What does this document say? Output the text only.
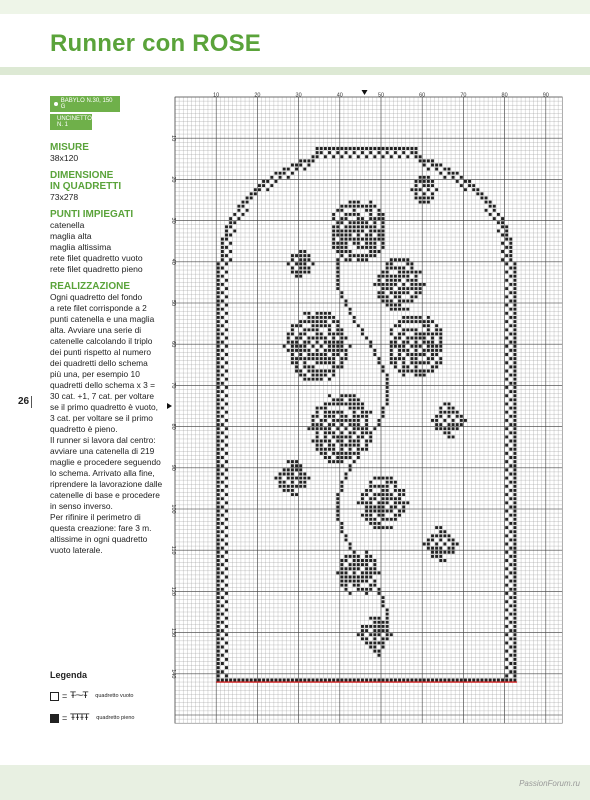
Runner con ROSE
BABYLO N.30, 150 G
UNCINETTO N. 1
MISURE
38x120
DIMENSIONE
IN QUADRETTI
73x278
PUNTI IMPIEGATI
catenella
maglia alta
maglia altissima
rete filet quadretto vuoto
rete filet quadretto pieno
REALIZZAZIONE
Ogni quadretto del fondo
a rete filet corrisponde a 2
punti catenella e una maglia
alta. Avviare una serie di
catenelle calcolando il triplo
dei punti rispetto al numero
dei quadretti dello schema
più una, per esempio 10
quadretti dello schema x 3 =
30 cat. +1, 7 cat. per voltare
se il primo quadretto è vuoto,
3 cat. per voltare se il primo
quadretto è pieno.
Il runner si lavora dal centro:
avviare una catenella di 219
maglie e procedere seguendo
lo schema. Arrivato alla fine,
riprendere la lavorazione dalle
catenelle di base e procedere
in senso inverso.
Per rifinire il perimetro di
questa creazione: fare 3 m.
altissime in ogni quadretto
vuoto laterale.
26
Legenda
= Ŧ⁓Ŧ quadretto vuoto
= ŦŦŦŦ quadretto pieno
10	20	30	40	50	60	70	80	90
10
20
30
40
50
60
70
80
90
100
110
120
130
140
PassionForum.ru
